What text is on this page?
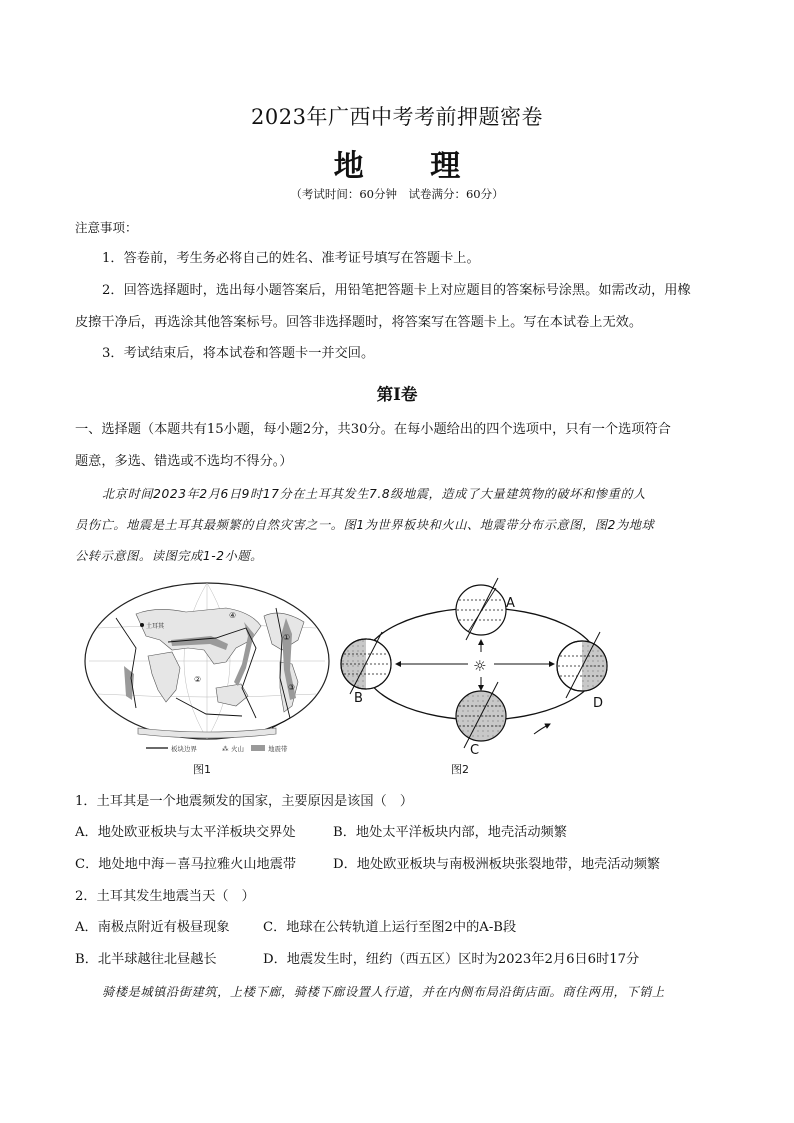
2023年广西中考考前押题密卷
地 理
（考试时间：60分钟　试卷满分：60分）
注意事项：
1．答卷前，考生务必将自己的姓名、准考证号填写在答题卡上。
2．回答选择题时，选出每小题答案后，用铅笔把答题卡上对应题目的答案标号涂黑。如需改动，用橡
皮擦干净后，再选涂其他答案标号。回答非选择题时，将答案写在答题卡上。写在本试卷上无效。
3．考试结束后，将本试卷和答题卡一并交回。
第Ⅰ卷
一、选择题（本题共有15小题，每小题2分，共30分。在每小题给出的四个选项中，只有一个选项符合
题意，多选、错选或不选均不得分。）
北京时间2023年2月6日9时17分在土耳其发生7.8级地震，造成了大量建筑物的破坏和惨重的人
员伤亡。地震是土耳其最频繁的自然灾害之一。图1为世界板块和火山、地震带分布示意图，图2为地球
公转示意图。读图完成1-2小题。
土耳其
④
①
②
③
板块边界	⁂ 火山	地震带
图1
☼
A
B
C
D
图2
1．土耳其是一个地震频发的国家，主要原因是该国（　）
A．地处欧亚板块与太平洋板块交界处	B．地处太平洋板块内部，地壳活动频繁
C．地处地中海－喜马拉雅火山地震带	D．地处欧亚板块与南极洲板块张裂地带，地壳活动频繁
2．土耳其发生地震当天（　）
A．南极点附近有极昼现象	C．地球在公转轨道上运行至图2中的A-B段
B．北半球越往北昼越长	D．地震发生时，纽约（西五区）区时为2023年2月6日6时17分
骑楼是城镇沿街建筑，上楼下廊，骑楼下廊设置人行道，并在内侧布局沿街店面。商住两用，下销上
